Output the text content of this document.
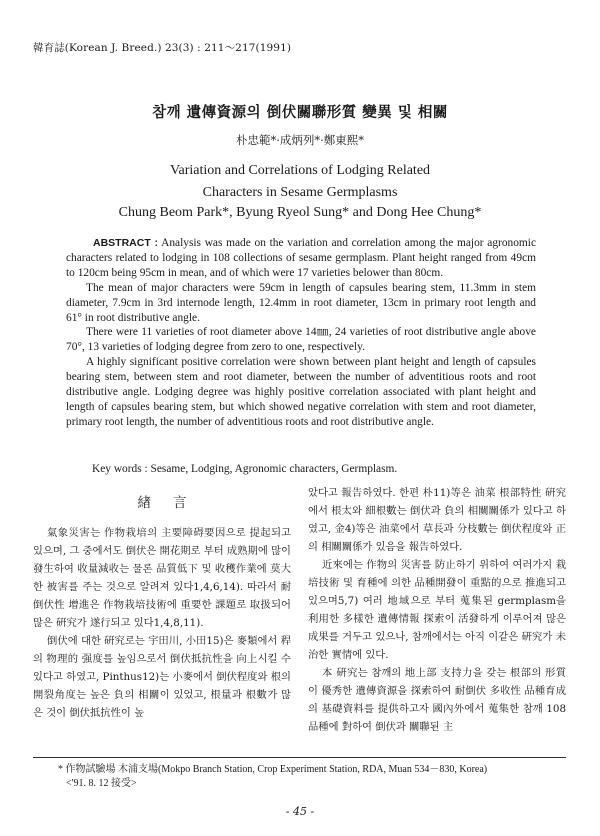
韓育誌(Korean J. Breed.) 23(3) : 211～217(1991)
참깨 遺傳資源의 倒伏關聯形質 變異 및 相關
朴忠範*·成炳列*·鄭東熙*
Variation and Correlations of Lodging Related
Characters in Sesame Germplasms
Chung Beom Park*, Byung Ryeol Sung* and Dong Hee Chung*

ABSTRACT : Analysis was made on the variation and correlation among the major agronomic characters related to lodging in 108 collections of sesame germplasm. Plant height ranged from 49cm to 120cm being 95cm in mean, and of which were 17 varieties belower than 80cm.

The mean of major characters were 59cm in length of capsules bearing stem, 11.3mm in stem diameter, 7.9cm in 3rd internode length, 12.4mm in root diameter, 13cm in primary root length and 61° in root distributive angle.

There were 11 varieties of root diameter above 14㎜, 24 varieties of root distributive angle above 70°, 13 varieties of lodging degree from zero to one, respectively.

A highly significant positive correlation were shown between plant height and length of capsules bearing stem, between stem and root diameter, between the number of adventitious roots and root distributive angle. Lodging degree was highly positive correlation associated with plant height and length of capsules bearing stem, but which showed negative correlation with stem and root diameter, primary root length, the number of adventitious roots and root distributive angle.

Key words : Sesame, Lodging, Agronomic characters, Germplasm.
緖言

氣象災害는 作物栽培의 主要障碍要因으로 提起되고 있으며, 그 중에서도 倒伏은 開花期로 부터 成熟期에 많이 發生하여 收量減收는 물론 品質低下 및 收穫作業에 莫大한 被害를 주는 것으로 알려져 있다1,4,6,14). 따라서 耐倒伏性 增進은 作物栽培技術에 重要한 課題로 取扱되어 많은 硏究가 遂行되고 있다1,4,8,11).

倒伏에 대한 硏究로는 宇田川, 小田15)은 麥類에서 稈의 物理的 强度를 높임으로서 倒伏抵抗性을 向上시킬 수 있다고 하였고, Pinthus12)는 小麥에서 倒伏程度와 根의 開裂角度는 높은 負의 相關이 있었고, 根量과 根數가 많은 것이 倒伏抵抗性이 높

았다고 報告하였다. 한편 朴11)等은 油菜 根部特性 硏究에서 根太와 細根數는 倒伏과 負의 相關關係가 있다고 하였고, 金4)等은 油菜에서 草長과 分枝數는 倒伏程度와 正의 相關關係가 있음을 報告하였다.

近來에는 作物의 災害를 防止하기 위하여 여러가지 栽培技術 및 育種에 의한 品種開發이 重點的으로 推進되고 있으며5,7) 여러 地域으로 부터 蒐集된 germplasm을 利用한 多樣한 遺傳情報 探索이 活發하게 이루어져 많은 成果를 거두고 있으나, 참깨에서는 아직 이같은 硏究가 未治한 實情에 있다.

本 硏究는 참깨의 地上部 支持力을 갖는 根部의 形質이 優秀한 遺傳資源을 探索하여 耐倒伏 多收性 品種育成의 基礎資料를 提供하고자 國內外에서 蒐集한 참깨 108品種에 對하여 倒伏과 關聯된 主

* 作物試驗場 木浦支場(Mokpo Branch Station, Crop Experiment Station, RDA, Muan 534－830, Korea)
<'91. 8. 12 接受>
- 45 -
